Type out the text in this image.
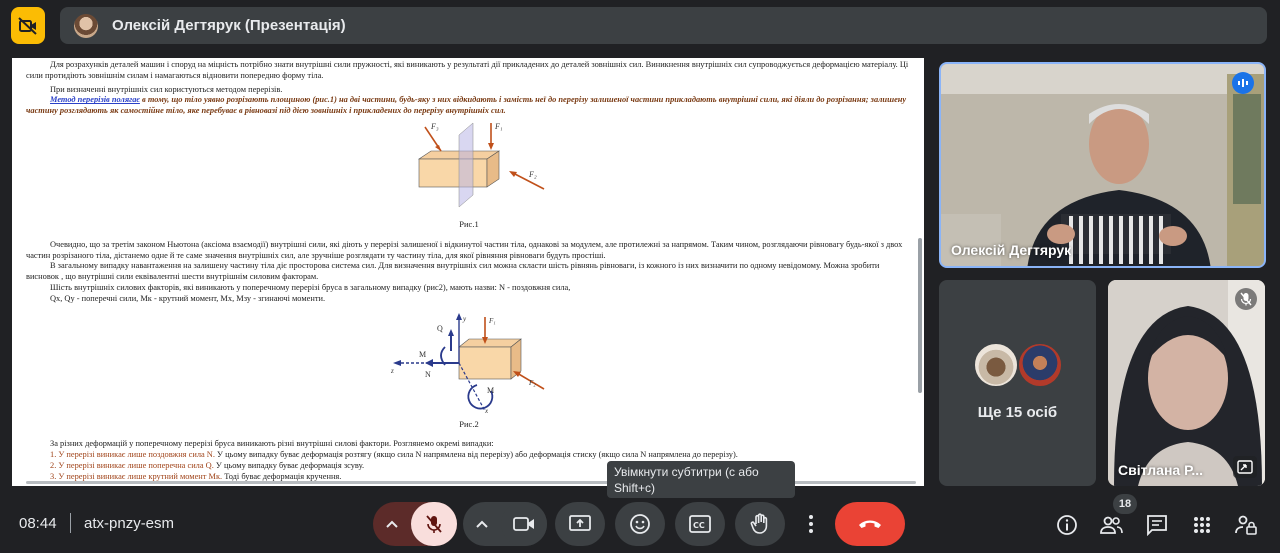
Олексій Дегтярук (Презентація)

Для розрахунків деталей машин і споруд на міцність потрібно знати внутрішні сили пружності, які виникають у результаті дії прикладених до деталей зовнішніх сил. Виникнення внутрішніх сил супроводжується деформацією матеріалу. Ці сили протидіють зовнішнім силам і намагаються відновити попередню форму тіла.

При визначенні внутрішніх сил користуються методом перерізів.

Метод перерізів полягає в тому, що тіло уявно розрізають площиною (рис.1) на дві частини, будь-яку з них відкидають і замість неї до перерізу залишеної частини прикладають внутрішні сили, які діяли до розрізання; залишену частину розглядають як самостійне тіло, яке перебуває в рівновазі під дією зовнішніх і прикладених до перерізу внутрішніх сил.

F₃	F₁
F₂

Рис.1

Очевидно, що за третім законом Ньютона (аксіома взаємодії) внутрішні сили, які діють у перерізі залишеної і відкинутої частин тіла, однакові за модулем, але протилежні за напрямом. Таким чином, розглядаючи рівновагу будь-якої з двох частин розрізаного тіла, дістанемо одне й те саме значення внутрішніх сил, але зручніше розглядати ту частину тіла, для якої рівняння рівноваги будуть простіші.

В загальному випадку навантаження на залишену частину тіла діє просторова система сил. Для визначення внутрішніх сил можна скласти шість рівнянь рівноваги, із кожного із них визначити по одному невідомому. Можна зробити висновок , що внутрішні сили еквівалентні шести внутрішнім силовим факторам.

Шість внутрішніх силових факторів, які виникають у поперечному перерізі бруса в загальному випадку (рис2), мають назви: N - поздовжня сила,

Qx, Qy - поперечні сили, Mк - крутний момент, Mx, Mзу - згинаючі моменти.

y
Q
F₁
M
N
z
M
F₂
x

Рис.2

За різних деформацій у поперечному перерізі бруса виникають різні внутрішні силові фактори. Розглянемо окремі випадки:

1. У перерізі виникає лише поздовжня сила N. У цьому випадку буває деформація розтягу (якщо сила N напрямлена від перерізу) або деформація стиску (якщо сила N напрямлена до перерізу).

2. У перерізі виникає лише поперечна сила Q. У цьому випадку буває деформація зсуву.

3. У перерізі виникає лише крутний момент Mк. Тоді буває деформація кручення.

Олексій Дегтярук
Ще 15 осіб
Світлана Р...
Увімкнути субтитри (с або
Shift+c)
08:44 atx-pnzy-esm	CC
18
